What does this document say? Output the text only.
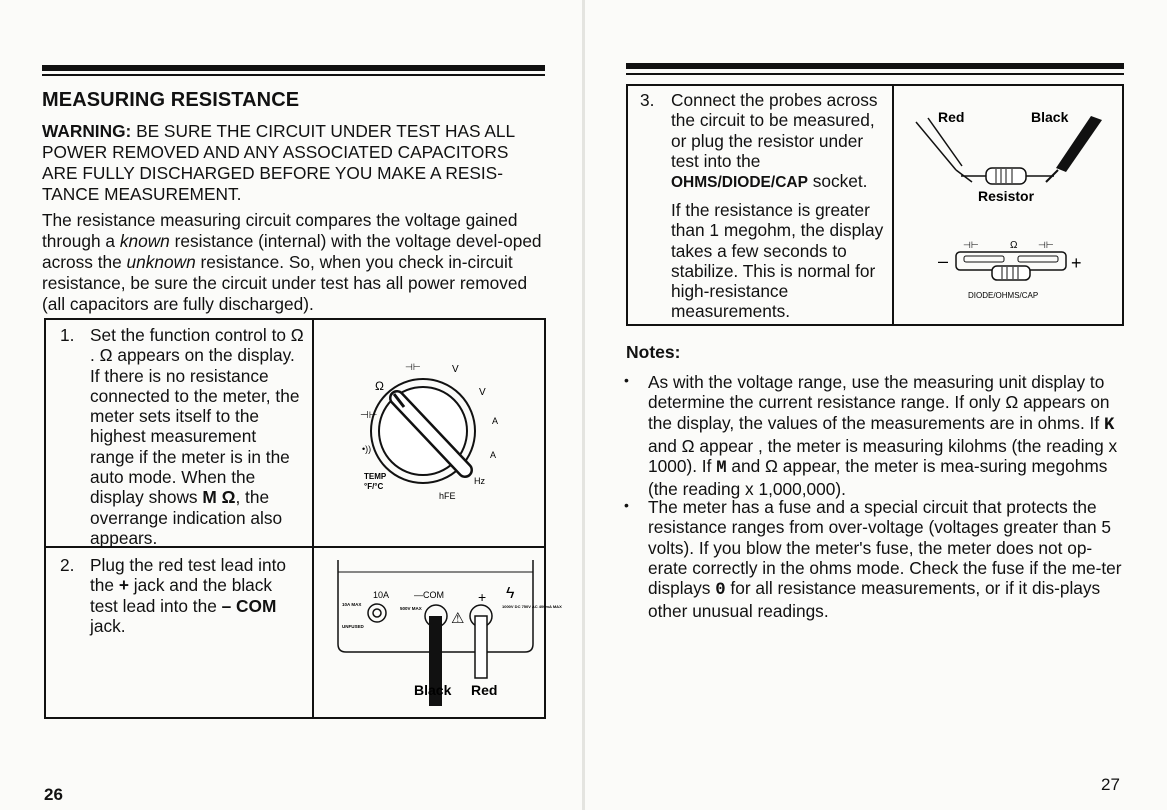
MEASURING RESISTANCE
WARNING: BE SURE THE CIRCUIT UNDER TEST HAS ALL POWER REMOVED AND ANY ASSOCIATED CAPACITORS ARE FULLY DISCHARGED BEFORE YOU MAKE A RESIS-TANCE MEASUREMENT.
The resistance measuring circuit compares the voltage gained through a known resistance (internal) with the voltage devel-oped across the unknown resistance. So, when you check in-circuit resistance, be sure the circuit under test has all power removed (all capacitors are fully discharged).
1. Set the function control to Ω . Ω appears on the display. If there is no resistance connected to the meter, the meter sets itself to the highest measurement range if the meter is in the auto mode. When the display shows M Ω, the overrange indication also appears.
2. Plug the red test lead into the + jack and the black test lead into the – COM jack.
Ω
⊣⊢	V
V
A
A
Hz
hFE
⊣⊢
•))
TEMP
°F/°C
10A	—COM + ϟ
10A MAX
UNFUSED
500V MAX	1000V DC 750V AC 400mA MAX
⚠
Black Red
26
3. Connect the probes across the circuit to be measured, or plug the resistor under test into the OHMS/DIODE/CAP socket.
If the resistance is greater than 1 megohm, the display takes a few seconds to stabilize. This is normal for high-resistance measurements.
Red	Black
Resistor
⊣⊢	Ω ⊣⊢
–	+
DIODE/OHMS/CAP
Notes:
• As with the voltage range, use the measuring unit display to determine the current resistance range. If only Ω appears on the display, the values of the measurements are in ohms. If K and Ω appear , the meter is measuring kilohms (the reading x 1000). If M and Ω appear, the meter is mea-suring megohms (the reading x 1,000,000).
• The meter has a fuse and a special circuit that protects the resistance ranges from over-voltage (voltages greater than 5 volts). If you blow the meter's fuse, the meter does not op-erate correctly in the ohms mode. Check the fuse if the me-ter displays 0 for all resistance measurements, or if it dis-plays other unusual readings.
27
